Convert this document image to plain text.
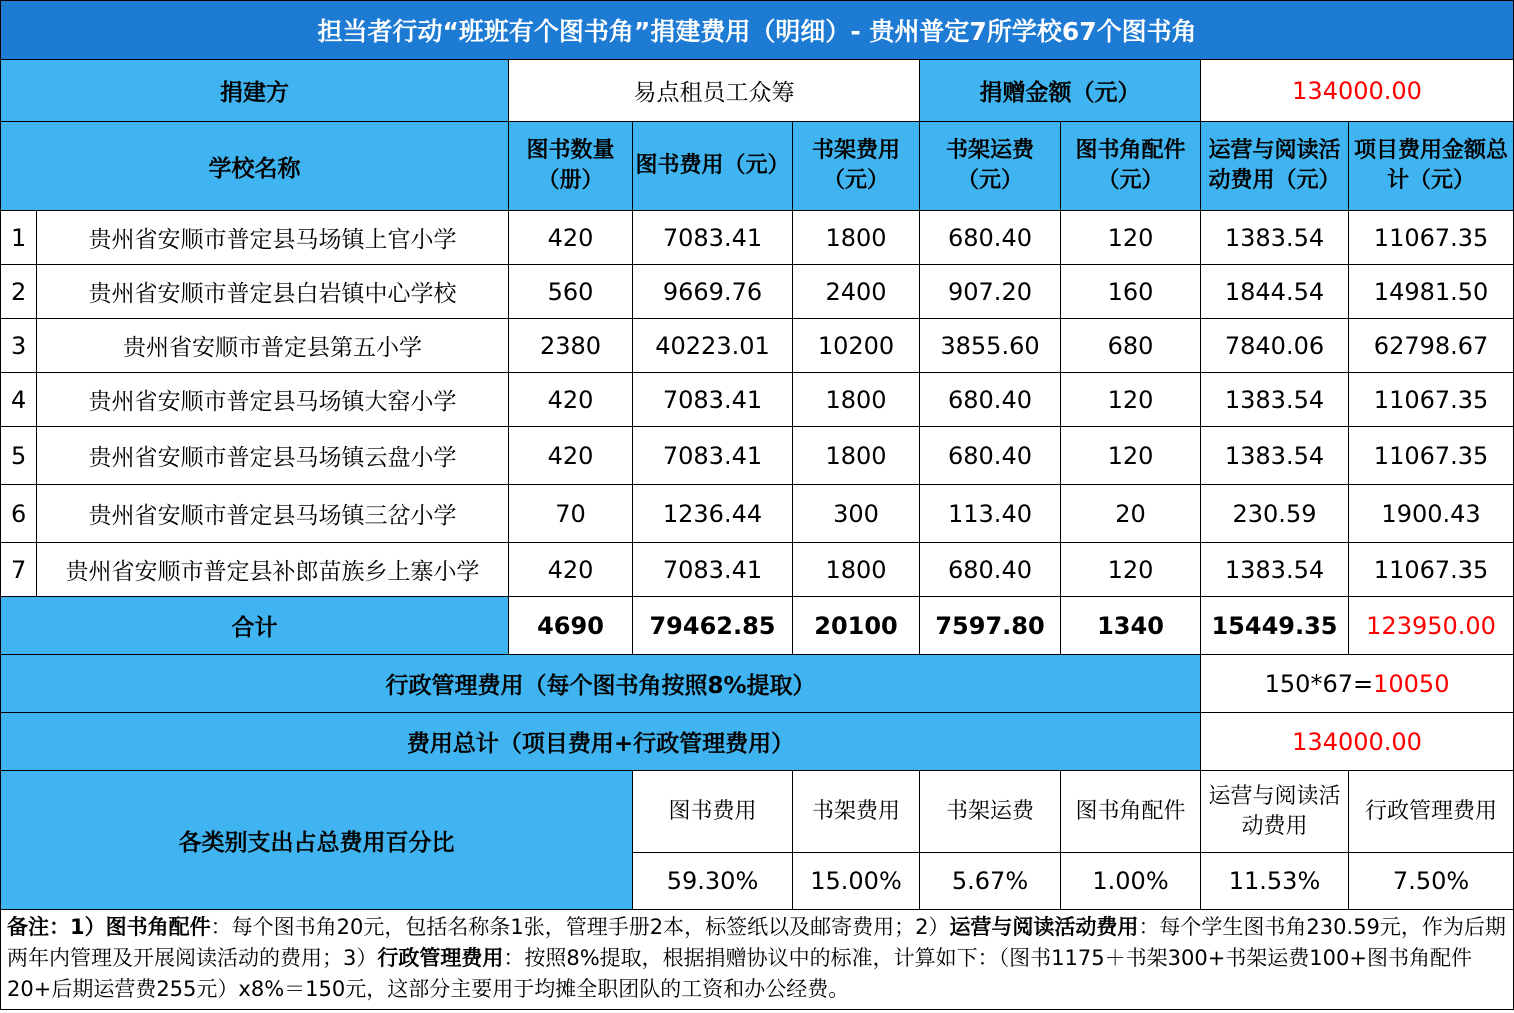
担当者行动“班班有个图书角”捐建费用（明细）- 贵州普定7所学校67个图书角								
捐建方		易点租员工众筹			捐赠金额（元）		134000.00	
学校名称		图书数量（册）	图书费用（元）	书架费用（元）	书架运费（元）	图书角配件（元）	运营与阅读活动费用（元）	项目费用金额总计（元）
1	贵州省安顺市普定县马场镇上官小学	420	7083.41	1800	680.40	120	1383.54	11067.35
2	贵州省安顺市普定县白岩镇中心学校	560	9669.76	2400	907.20	160	1844.54	14981.50
3	贵州省安顺市普定县第五小学	2380	40223.01	10200	3855.60	680	7840.06	62798.67
4	贵州省安顺市普定县马场镇大窑小学	420	7083.41	1800	680.40	120	1383.54	11067.35
5	贵州省安顺市普定县马场镇云盘小学	420	7083.41	1800	680.40	120	1383.54	11067.35
6	贵州省安顺市普定县马场镇三岔小学	70	1236.44	300	113.40	20	230.59	1900.43
7	贵州省安顺市普定县补郎苗族乡上寨小学	420	7083.41	1800	680.40	120	1383.54	11067.35
合计		4690	79462.85	20100	7597.80	1340	15449.35	123950.00
行政管理费用（每个图书角按照8%提取）							150*67=10050	
费用总计（项目费用+行政管理费用）							134000.00	
各类别支出占总费用百分比			图书费用	书架费用	书架运费	图书角配件	运营与阅读活动费用	行政管理费用
			59.30%	15.00%	5.67%	1.00%	11.53%	7.50%
备注：1）图书角配件：每个图书角20元，包括名称条1张，管理手册2本，标签纸以及邮寄费用；2）运营与阅读活动费用：每个学生图书角230.59元，作为后期两年内管理及开展阅读活动的费用；3）行政管理费用：按照8%提取，根据捐赠协议中的标准，计算如下：（图书1175＋书架300+书架运费100+图书角配件20+后期运营费255元）x8%＝150元，这部分主要用于均摊全职团队的工资和办公经费。								
